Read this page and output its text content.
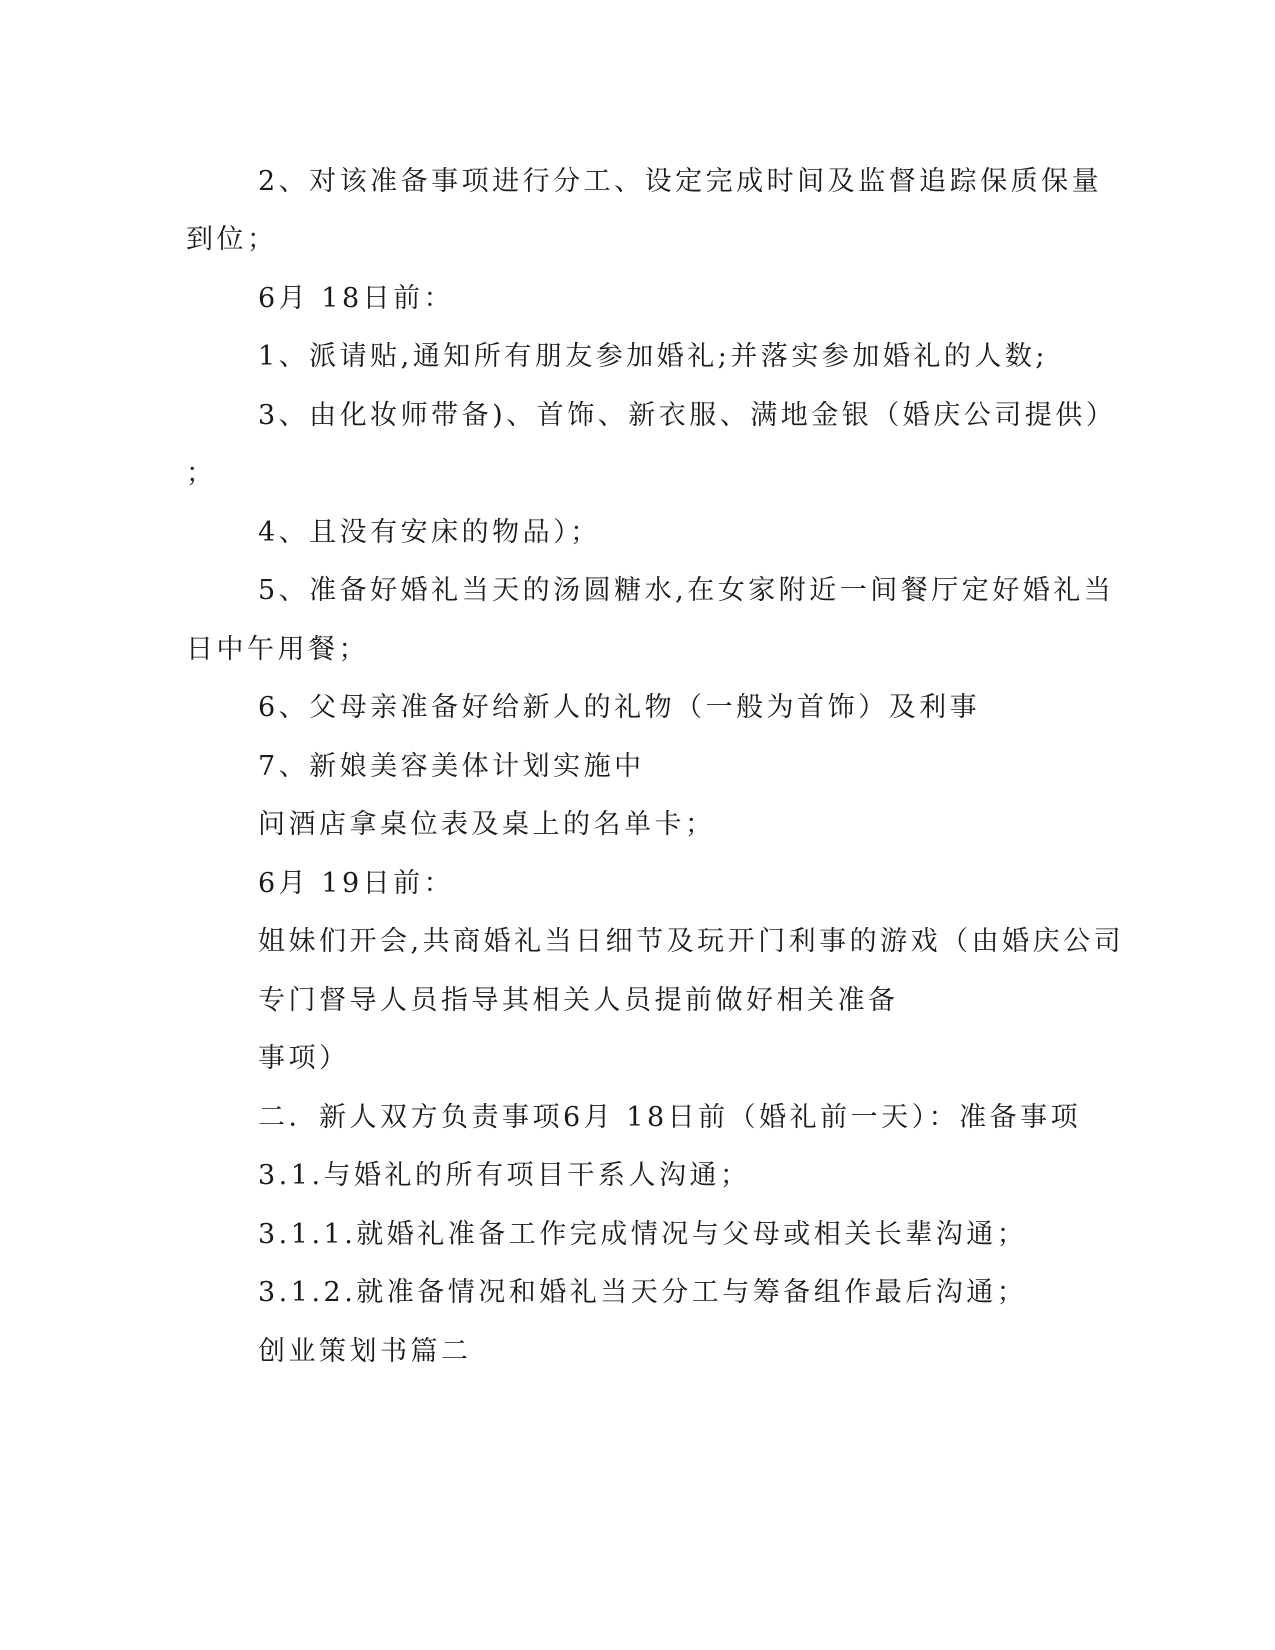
2、对该准备事项进行分工、设定完成时间及监督追踪保质保量
到位；
6月 18日前：
1、派请贴,通知所有朋友参加婚礼;并落实参加婚礼的人数;
3、由化妆师带备)、首饰、新衣服、满地金银（婚庆公司提供）
；
4、且没有安床的物品）；
5、准备好婚礼当天的汤圆糖水,在女家附近一间餐厅定好婚礼当
日中午用餐；
6、父母亲准备好给新人的礼物（一般为首饰）及利事
7、新娘美容美体计划实施中
问酒店拿桌位表及桌上的名单卡；
6月 19日前：
姐妹们开会,共商婚礼当日细节及玩开门利事的游戏（由婚庆公司
专门督导人员指导其相关人员提前做好相关准备
事项）
二．新人双方负责事项6月 18日前（婚礼前一天）：准备事项
3.1.与婚礼的所有项目干系人沟通；
3.1.1.就婚礼准备工作完成情况与父母或相关长辈沟通；
3.1.2.就准备情况和婚礼当天分工与筹备组作最后沟通；
创业策划书篇二
